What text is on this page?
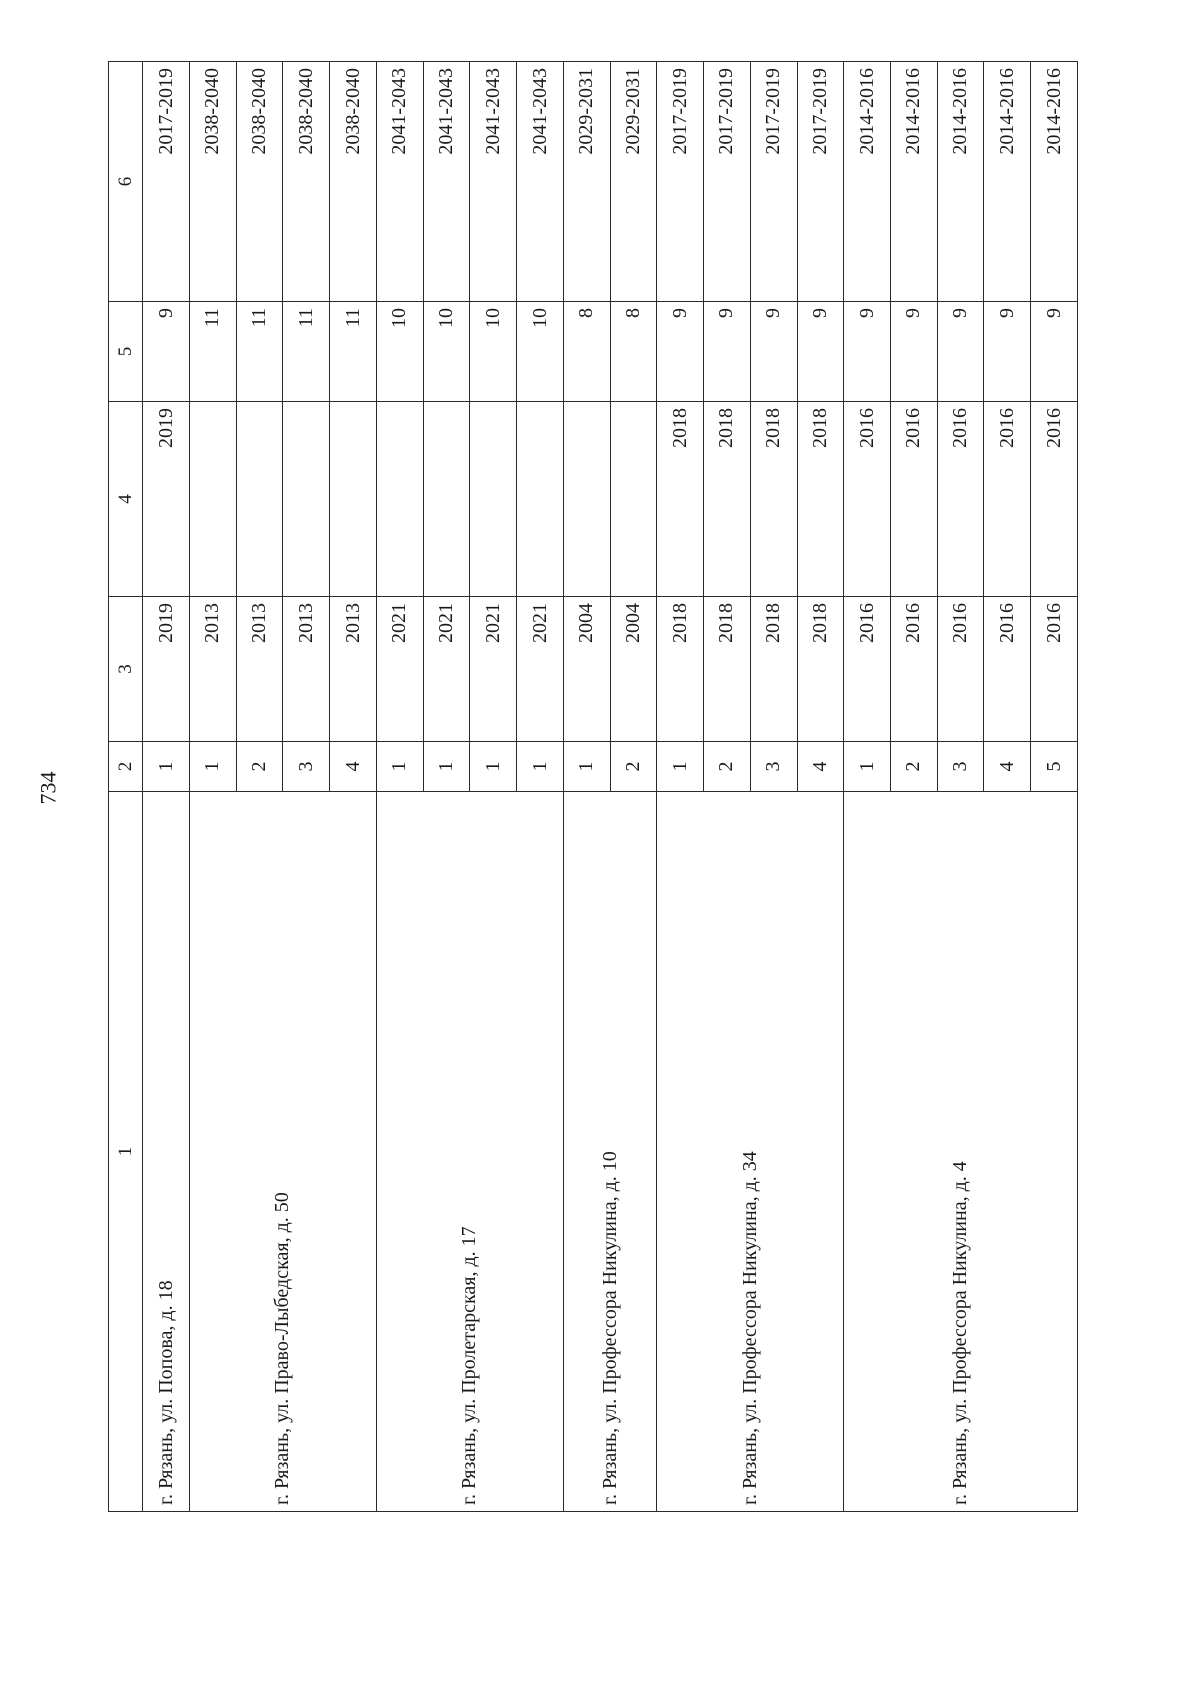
734
1	2	3	4	5	6
г. Рязань, ул. Попова, д. 18	1	2019	2019	9	2017-2019
г. Рязань, ул. Право-Лыбедская, д. 50	1	2013		11	2038-2040
	2	2013		11	2038-2040
	3	2013		11	2038-2040
	4	2013		11	2038-2040
г. Рязань, ул. Пролетарская, д. 17	1	2021		10	2041-2043
	1	2021		10	2041-2043
	1	2021		10	2041-2043
	1	2021		10	2041-2043
г. Рязань, ул. Профессора Никулина, д. 10	1	2004		8	2029-2031
	2	2004		8	2029-2031
г. Рязань, ул. Профессора Никулина, д. 34	1	2018	2018	9	2017-2019
	2	2018	2018	9	2017-2019
	3	2018	2018	9	2017-2019
	4	2018	2018	9	2017-2019
г. Рязань, ул. Профессора Никулина, д. 4	1	2016	2016	9	2014-2016
	2	2016	2016	9	2014-2016
	3	2016	2016	9	2014-2016
	4	2016	2016	9	2014-2016
	5	2016	2016	9	2014-2016
